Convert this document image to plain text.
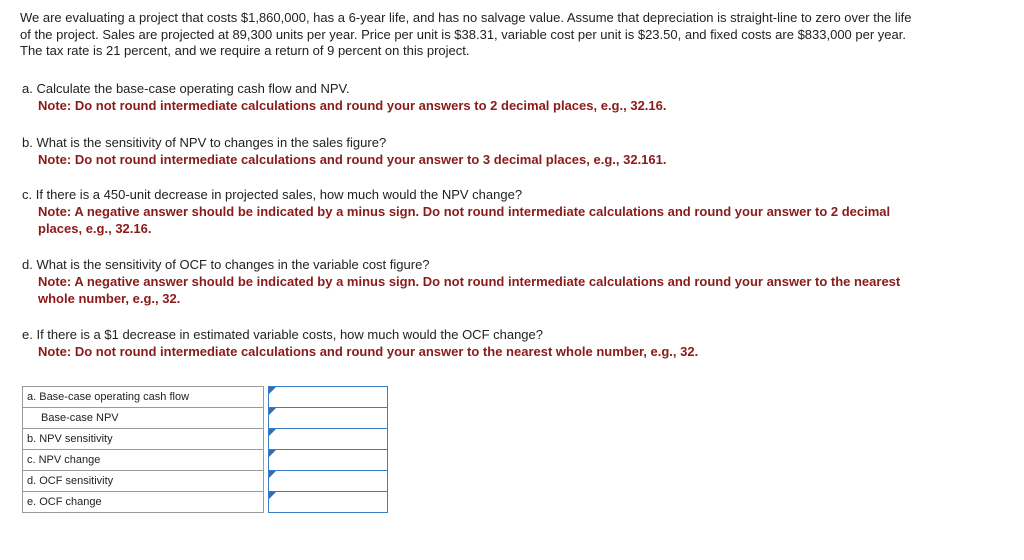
We are evaluating a project that costs $1,860,000, has a 6-year life, and has no salvage value. Assume that depreciation is straight-line to zero over the life of the project. Sales are projected at 89,300 units per year. Price per unit is $38.31, variable cost per unit is $23.50, and fixed costs are $833,000 per year. The tax rate is 21 percent, and we require a return of 9 percent on this project.

a. Calculate the base-case operating cash flow and NPV.

Note: Do not round intermediate calculations and round your answers to 2 decimal places, e.g., 32.16.

b. What is the sensitivity of NPV to changes in the sales figure?

Note: Do not round intermediate calculations and round your answer to 3 decimal places, e.g., 32.161.

c. If there is a 450-unit decrease in projected sales, how much would the NPV change?

Note: A negative answer should be indicated by a minus sign. Do not round intermediate calculations and round your answer to 2 decimal places, e.g., 32.16.

d. What is the sensitivity of OCF to changes in the variable cost figure?

Note: A negative answer should be indicated by a minus sign. Do not round intermediate calculations and round your answer to the nearest whole number, e.g., 32.

e. If there is a $1 decrease in estimated variable costs, how much would the OCF change?

Note: Do not round intermediate calculations and round your answer to the nearest whole number, e.g., 32.

a. Base-case operating cash flow		
Base-case NPV		
b. NPV sensitivity		
c. NPV change		
d. OCF sensitivity		
e. OCF change		
